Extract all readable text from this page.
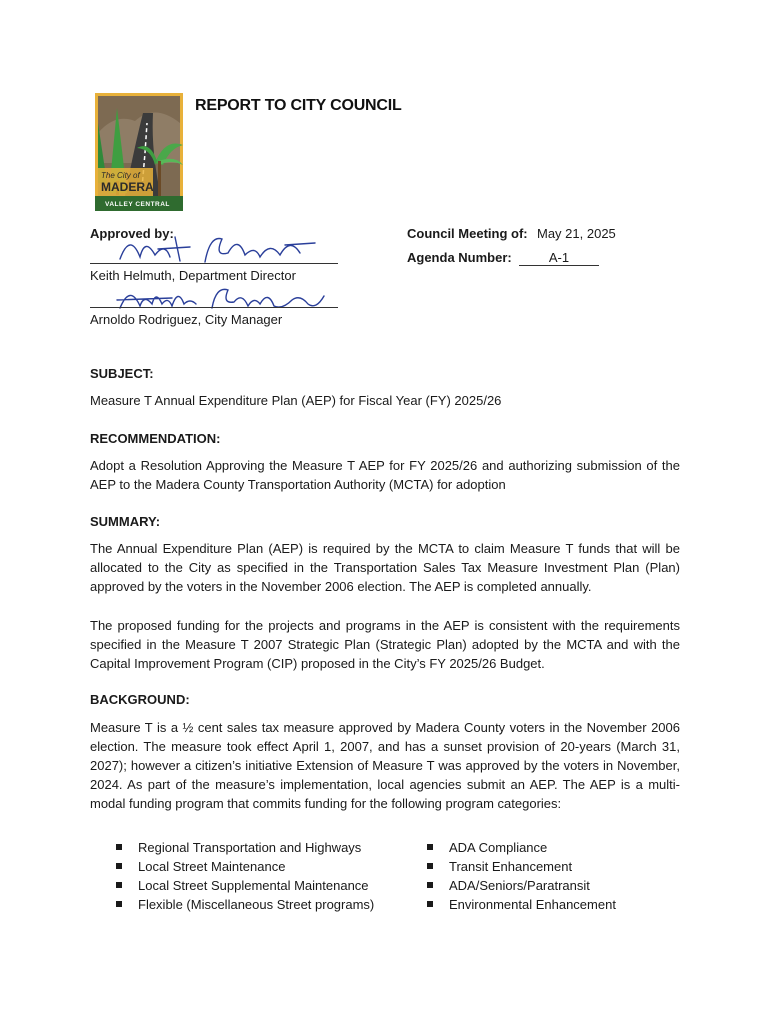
The City of
MADERA
VALLEY CENTRAL
REPORT TO CITY COUNCIL
Approved by:
Keith Helmuth, Department Director
Arnoldo Rodriguez, City Manager
Council Meeting of: May 21, 2025
Agenda Number:	A-1
SUBJECT:
Measure T Annual Expenditure Plan (AEP) for Fiscal Year (FY) 2025/26
RECOMMENDATION:
Adopt a Resolution Approving the Measure T AEP for FY 2025/26 and authorizing submission of the AEP to the Madera County Transportation Authority (MCTA) for adoption
SUMMARY:
The Annual Expenditure Plan (AEP) is required by the MCTA to claim Measure T funds that will be allocated to the City as specified in the Transportation Sales Tax Measure Investment Plan (Plan) approved by the voters in the November 2006 election. The AEP is completed annually.
The proposed funding for the projects and programs in the AEP is consistent with the requirements specified in the Measure T 2007 Strategic Plan (Strategic Plan) adopted by the MCTA and with the Capital Improvement Program (CIP) proposed in the City’s FY 2025/26 Budget.
BACKGROUND:
Measure T is a ½ cent sales tax measure approved by Madera County voters in the November 2006 election. The measure took effect April 1, 2007, and has a sunset provision of 20-years (March 31, 2027); however a citizen’s initiative Extension of Measure T was approved by the voters in November, 2024. As part of the measure’s implementation, local agencies submit an AEP. The AEP is a multi-modal funding program that commits funding for the following program categories:
Regional Transportation and Highways
Local Street Maintenance
Local Street Supplemental Maintenance
Flexible (Miscellaneous Street programs)
ADA Compliance
Transit Enhancement
ADA/Seniors/Paratransit
Environmental Enhancement
